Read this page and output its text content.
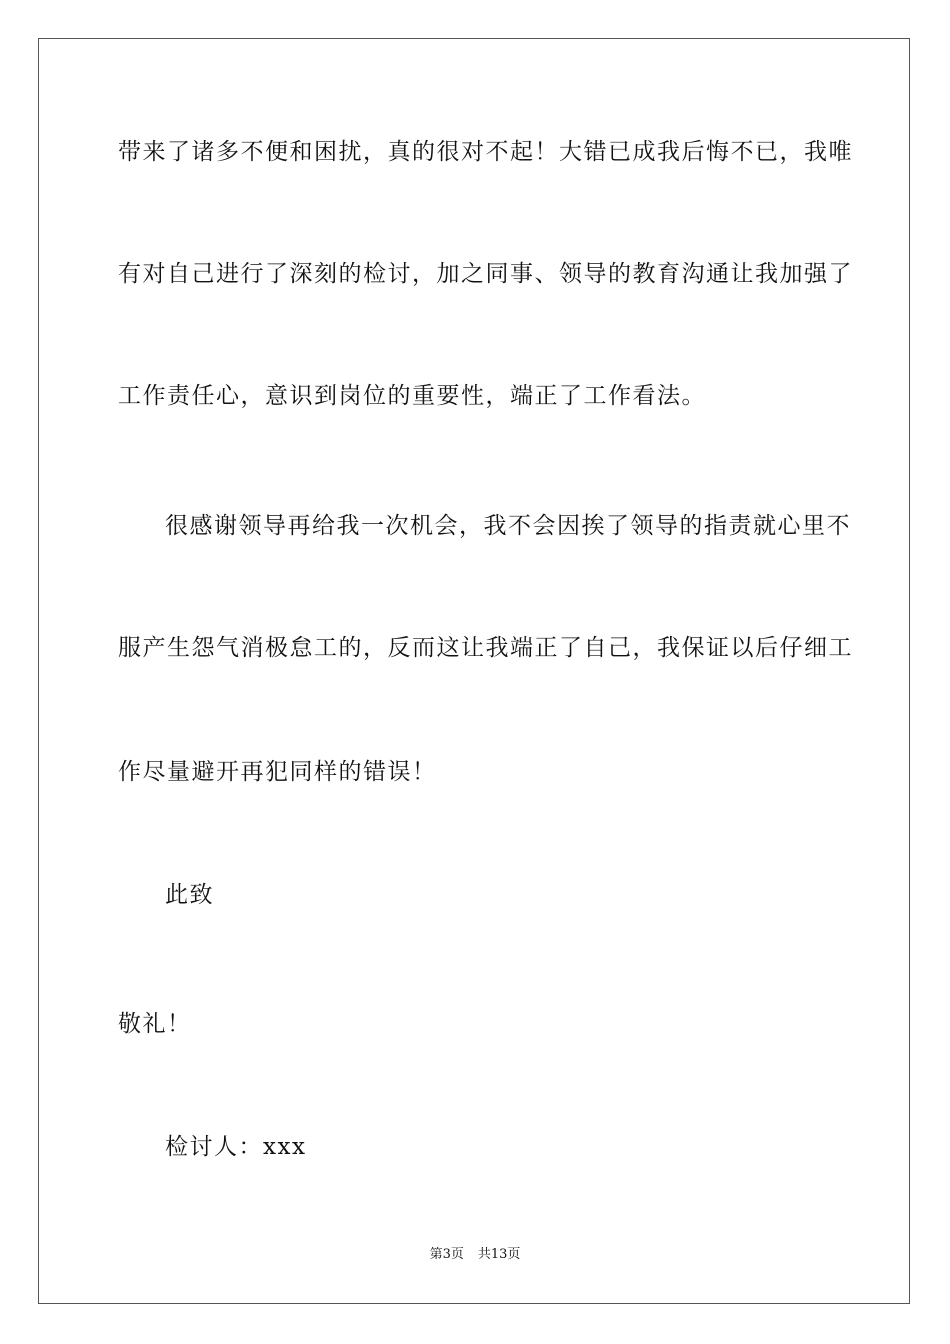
带来了诸多不便和困扰，真的很对不起！大错已成我后悔不已，我唯
有对自己进行了深刻的检讨，加之同事、领导的教育沟通让我加强了
工作责任心，意识到岗位的重要性，端正了工作看法。
很感谢领导再给我一次机会，我不会因挨了领导的指责就心里不
服产生怨气消极怠工的，反而这让我端正了自己，我保证以后仔细工
作尽量避开再犯同样的错误！
此致
敬礼！
检讨人：xxx
第3页 共13页
